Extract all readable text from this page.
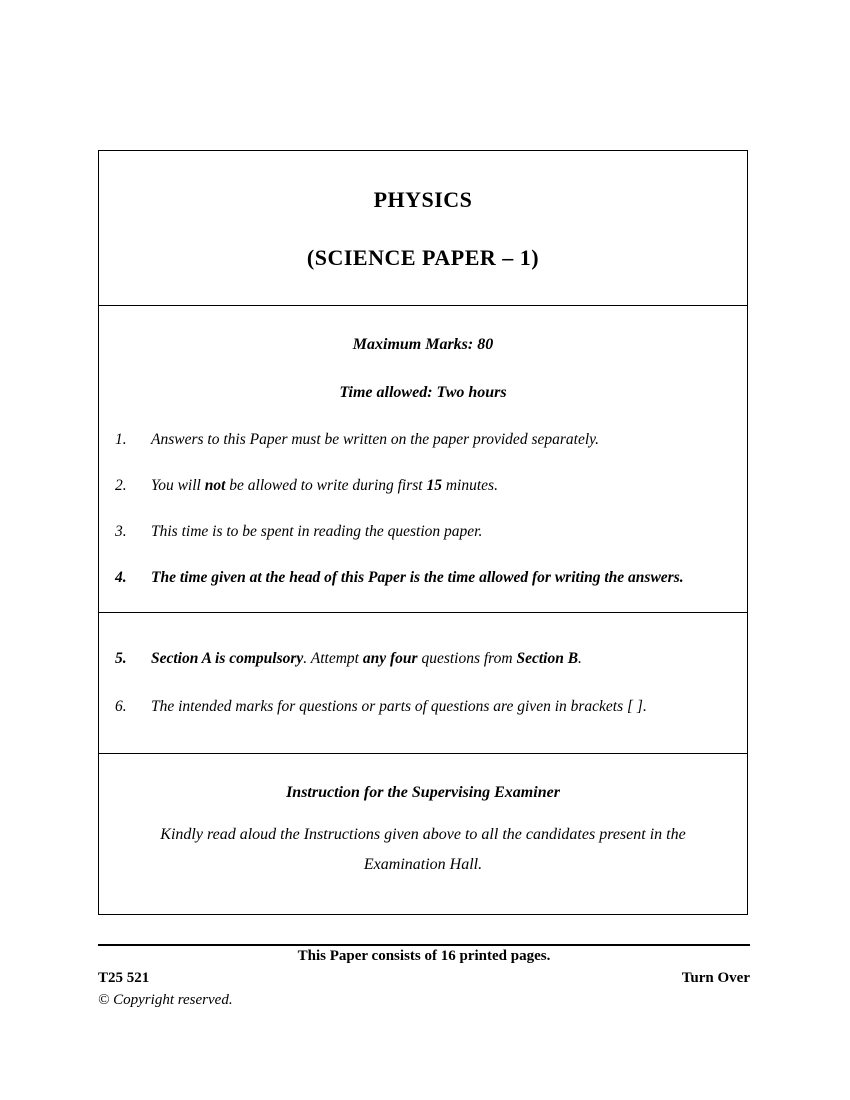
PHYSICS
(SCIENCE PAPER – 1)
Maximum Marks: 80
Time allowed: Two hours
1.	Answers to this Paper must be written on the paper provided separately.
2.	You will not be allowed to write during first 15 minutes.
3.	This time is to be spent in reading the question paper.
4.	The time given at the head of this Paper is the time allowed for writing the answers.
5.	Section A is compulsory. Attempt any four questions from Section B.
6.	The intended marks for questions or parts of questions are given in brackets [ ].
Instruction for the Supervising Examiner
Kindly read aloud the Instructions given above to all the candidates present in the Examination Hall.
This Paper consists of 16 printed pages.
T25 521	Turn Over
© Copyright reserved.
